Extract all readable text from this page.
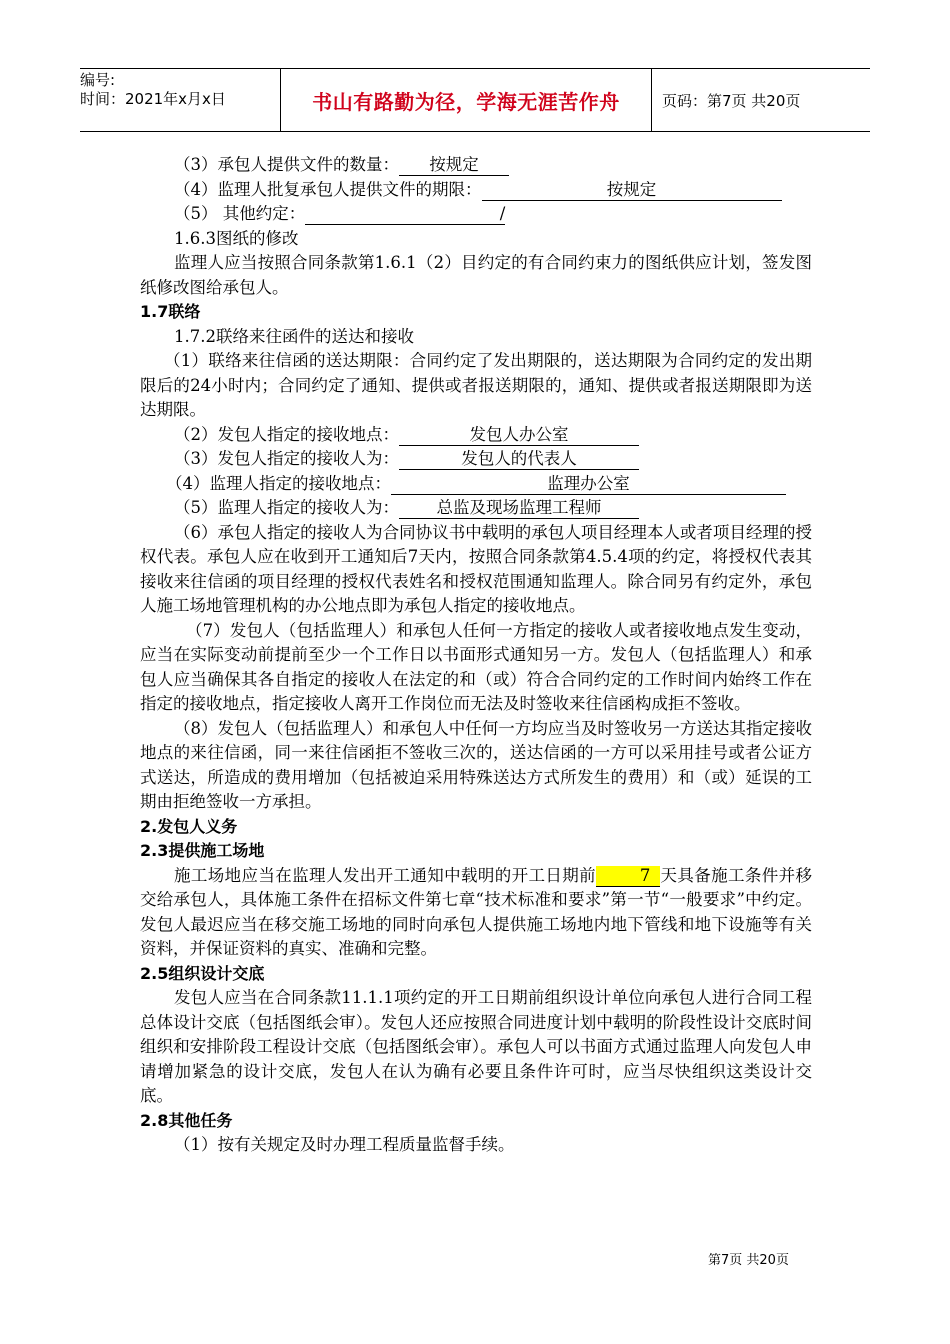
编号:
时间：2021年x月x日	书山有路勤为径，学海无涯苦作舟	页码：第7页 共20页

（3）承包人提供文件的数量： 按规定

（4）监理人批复承包人提供文件的期限：	按规定

（5） 其他约定：	/

1.6.3图纸的修改

监理人应当按照合同条款第1.6.1（2）目约定的有合同约束力的图纸供应计划，签发图纸修改图给承包人。

1.7联络

1.7.2联络来往函件的送达和接收

（1）联络来往信函的送达期限：合同约定了发出期限的，送达期限为合同约定的发出期限后的24小时内；合同约定了通知、提供或者报送期限的，通知、提供或者报送期限即为送达期限。

（2）发包人指定的接收地点：	发包人办公室

（3）发包人指定的接收人为：	发包人的代表人

（4）监理人指定的接收地点：	监理办公室

（5）监理人指定的接收人为： 总监及现场监理工程师

（6）承包人指定的接收人为合同协议书中载明的承包人项目经理本人或者项目经理的授权代表。承包人应在收到开工通知后7天内，按照合同条款第4.5.4项的约定，将授权代表其接收来往信函的项目经理的授权代表姓名和授权范围通知监理人。除合同另有约定外，承包人施工场地管理机构的办公地点即为承包人指定的接收地点。

（7）发包人（包括监理人）和承包人任何一方指定的接收人或者接收地点发生变动，应当在实际变动前提前至少一个工作日以书面形式通知另一方。发包人（包括监理人）和承包人应当确保其各自指定的接收人在法定的和（或）符合合同约定的工作时间内始终工作在指定的接收地点，指定接收人离开工作岗位而无法及时签收来往信函构成拒不签收。

（8）发包人（包括监理人）和承包人中任何一方均应当及时签收另一方送达其指定接收地点的来往信函，同一来往信函拒不签收三次的，送达信函的一方可以采用挂号或者公证方式送达，所造成的费用增加（包括被迫采用特殊送达方式所发生的费用）和（或）延误的工期由拒绝签收一方承担。

2.发包人义务

2.3提供施工场地

施工场地应当在监理人发出开工通知中载明的开工日期前	7 天具备施工条件并移交给承包人，具体施工条件在招标文件第七章“技术标准和要求”第一节“一般要求”中约定。发包人最迟应当在移交施工场地的同时向承包人提供施工场地内地下管线和地下设施等有关资料，并保证资料的真实、准确和完整。

2.5组织设计交底

发包人应当在合同条款11.1.1项约定的开工日期前组织设计单位向承包人进行合同工程总体设计交底（包括图纸会审）。发包人还应按照合同进度计划中载明的阶段性设计交底时间组织和安排阶段工程设计交底（包括图纸会审）。承包人可以书面方式通过监理人向发包人申请增加紧急的设计交底，发包人在认为确有必要且条件许可时，应当尽快组织这类设计交底。

2.8其他任务

（1）按有关规定及时办理工程质量监督手续。

第7页 共20页
